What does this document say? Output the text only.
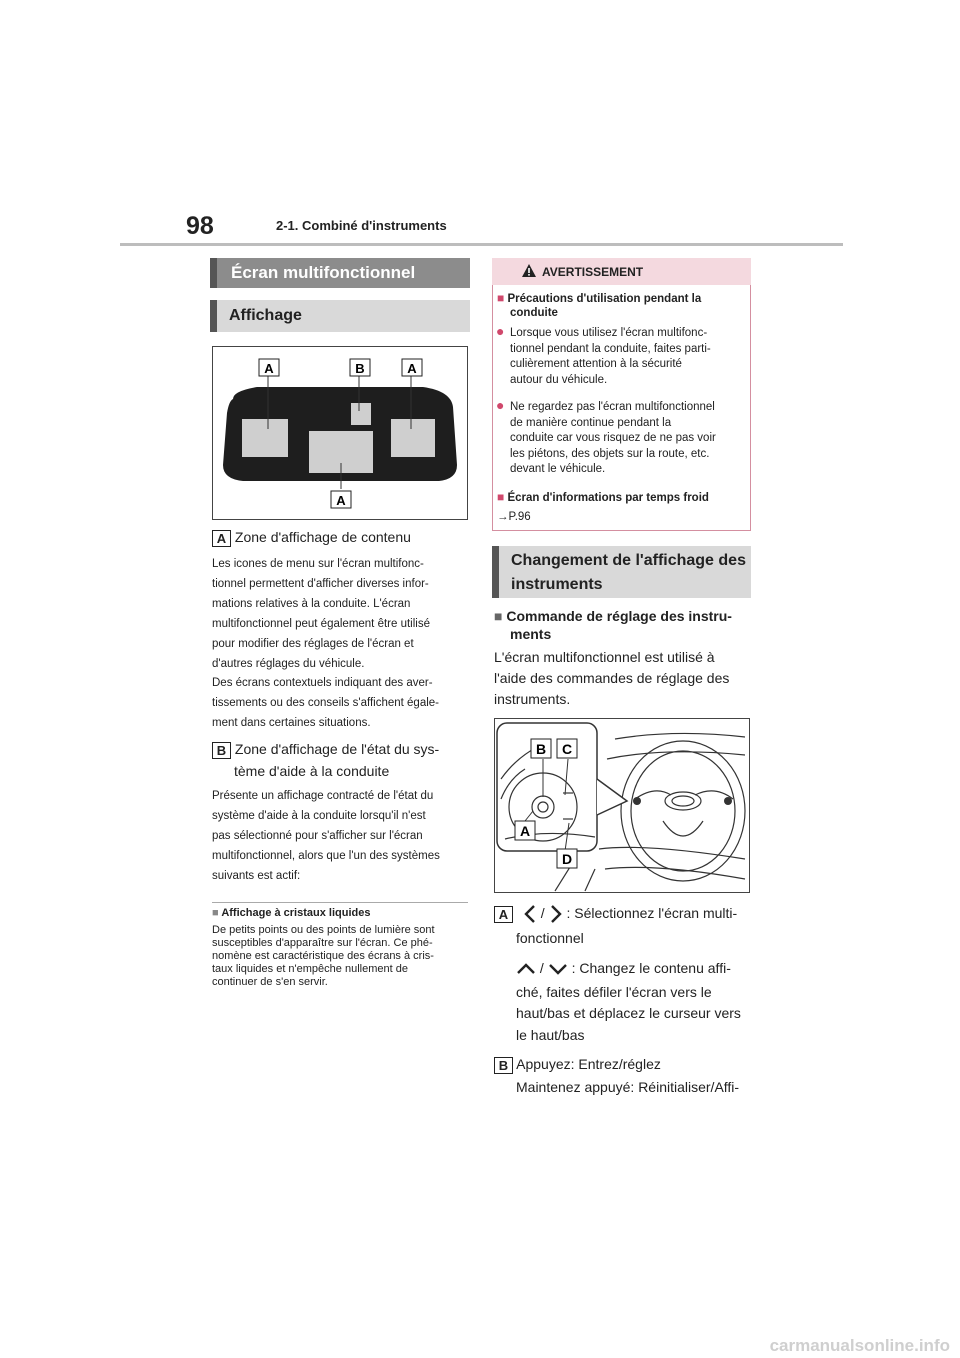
98	2-1. Combiné d'instruments
Écran multifonctionnel
Affichage
A	B	A
A
A Zone d'affichage de contenu

Les icones de menu sur l'écran multifonc-

tionnel permettent d'afficher diverses infor-

mations relatives à la conduite. L'écran

multifonctionnel peut également être utilisé

pour modifier des réglages de l'écran et

d'autres réglages du véhicule.

Des écrans contextuels indiquant des aver-

tissements ou des conseils s'affichent égale-

ment dans certaines situations.

B Zone d'affichage de l'état du sys-
tème d'aide à la conduite

Présente un affichage contracté de l'état du

système d'aide à la conduite lorsqu'il n'est

pas sélectionné pour s'afficher sur l'écran

multifonctionnel, alors que l'un des systèmes

suivants est actif:

■ Affichage à cristaux liquides

De petits points ou des points de lumière sont

susceptibles d'apparaître sur l'écran. Ce phé-

nomène est caractéristique des écrans à cris-

taux liquides et n'empêche nullement de

continuer de s'en servir.

AVERTISSEMENT
■ Précautions d'utilisation pendant la
conduite
● Lorsque vous utilisez l'écran multifonc-

tionnel pendant la conduite, faites parti-

culièrement attention à la sécurité

autour du véhicule.

● Ne regardez pas l'écran multifonctionnel

de manière continue pendant la

conduite car vous risquez de ne pas voir

les piétons, des objets sur la route, etc.

devant le véhicule.

■ Écran d'informations par temps froid
→P.96
Changement de l'affichage des
instruments
■ Commande de réglage des instru-
ments

L'écran multifonctionnel est utilisé à

l'aide des commandes de réglage des

instruments.

B C
A
D
A / : Sélectionnez l'écran multi-
fonctionnel
/ : Changez le contenu affi-
ché, faites défiler l'écran vers le
haut/bas et déplacez le curseur vers
le haut/bas
B Appuyez: Entrez/réglez
Maintenez appuyé: Réinitialiser/Affi-
carmanualsonline.info
